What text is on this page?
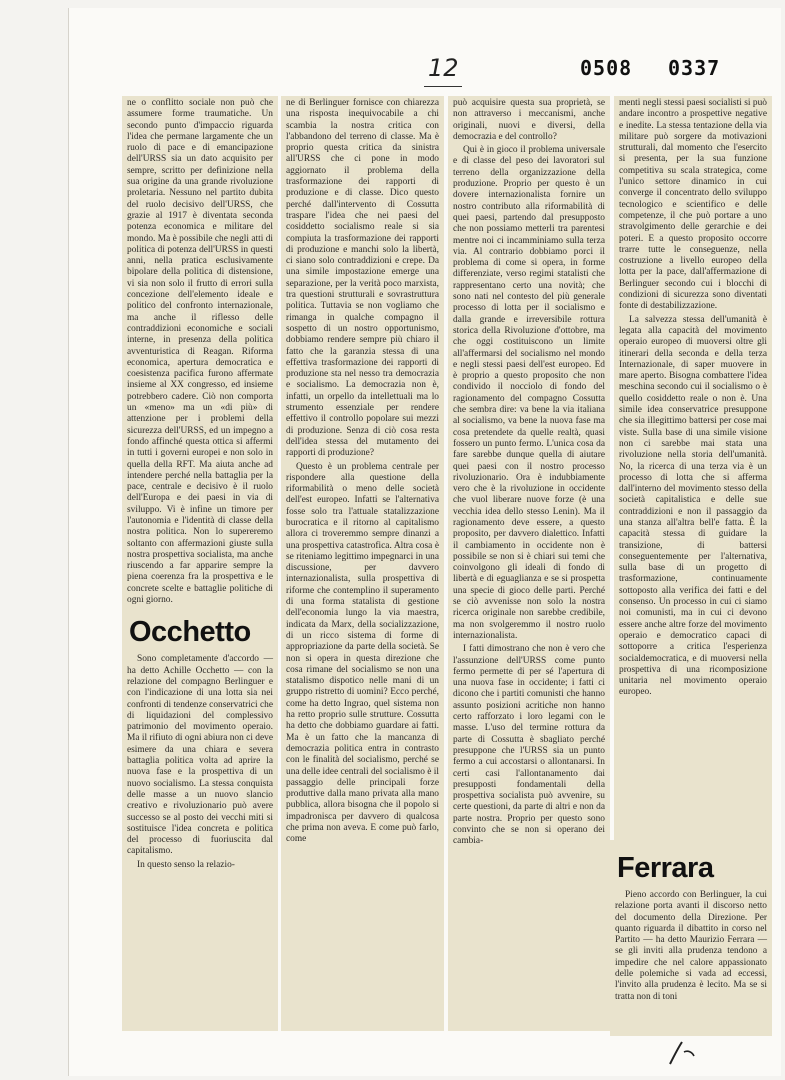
12	0508 0337

ne o conflitto sociale non può che assumere forme traumatiche. Un secondo punto d'impaccio riguarda l'idea che permane largamente che un ruolo di pace e di emancipazione dell'URSS sia un dato acquisito per sempre, scritto per definizione nella sua origine da una grande rivoluzione proletaria. Nessuno nel partito dubita del ruolo decisivo dell'URSS, che grazie al 1917 è diventata seconda potenza economica e militare del mondo. Ma è possibile che negli atti di politica di potenza dell'URSS in questi anni, nella pratica esclusivamente bipolare della politica di distensione, vi sia non solo il frutto di errori sulla concezione dell'elemento ideale e politico del confronto internazionale, ma anche il riflesso delle contraddizioni economiche e sociali interne, in presenza della politica avventuristica di Reagan. Riforma economica, apertura democratica e coesistenza pacifica furono affermate insieme al XX congresso, ed insieme potrebbero cadere. Ciò non comporta un «meno» ma un «di più» di attenzione per i problemi della sicurezza dell'URSS, ed un impegno a fondo affinché questa ottica si affermi in tutti i governi europei e non solo in quella della RFT. Ma aiuta anche ad intendere perché nella battaglia per la pace, centrale e decisivo è il ruolo dell'Europa e dei paesi in via di sviluppo. Vi è infine un timore per l'autonomia e l'identità di classe della nostra politica. Non lo supereremo soltanto con affermazioni giuste sulla nostra prospettiva socialista, ma anche riuscendo a far apparire sempre la piena coerenza fra la prospettiva e le concrete scelte e battaglie politiche di ogni giorno.

Occhetto

Sono completamente d'accordo — ha detto Achille Occhetto — con la relazione del compagno Berlinguer e con l'indicazione di una lotta sia nei confronti di tendenze conservatrici che di liquidazioni del complessivo patrimonio del movimento operaio. Ma il rifiuto di ogni abiura non ci deve esimere da una chiara e severa battaglia politica volta ad aprire la nuova fase e la prospettiva di un nuovo socialismo. La stessa conquista delle masse a un nuovo slancio creativo e rivoluzionario può avere successo se al posto dei vecchi miti si sostituisce l'idea concreta e politica del processo di fuoriuscita dal capitalismo.

In questo senso la relazio-

ne di Berlinguer fornisce con chiarezza una risposta inequivocabile a chi scambia la nostra critica con l'abbandono del terreno di classe. Ma è proprio questa critica da sinistra all'URSS che ci pone in modo aggiornato il problema della trasformazione dei rapporti di produzione e di classe. Dico questo perché dall'intervento di Cossutta traspare l'idea che nei paesi del cosiddetto socialismo reale si sia compiuta la trasformazione dei rapporti di produzione e manchi solo la libertà, ci siano solo contraddizioni e crepe. Da una simile impostazione emerge una separazione, per la verità poco marxista, tra questioni strutturali e sovrastruttura politica. Tuttavia se non vogliamo che rimanga in qualche compagno il sospetto di un nostro opportunismo, dobbiamo rendere sempre più chiaro il fatto che la garanzia stessa di una effettiva trasformazione dei rapporti di produzione sta nel nesso tra democrazia e socialismo. La democrazia non è, infatti, un orpello da intellettuali ma lo strumento essenziale per rendere effettivo il controllo popolare sui mezzi di produzione. Senza di ciò cosa resta dell'idea stessa del mutamento dei rapporti di produzione?

Questo è un problema centrale per rispondere alla questione della riformabilità o meno delle società dell'est europeo. Infatti se l'alternativa fosse solo tra l'attuale statalizzazione burocratica e il ritorno al capitalismo allora ci troveremmo sempre dinanzi a una prospettiva catastrofica. Altra cosa è se riteniamo legittimo impegnarci in una discussione, per davvero internazionalista, sulla prospettiva di riforme che contemplino il superamento di una forma statalista di gestione dell'economia lungo la via maestra, indicata da Marx, della socializzazione, di un ricco sistema di forme di appropriazione da parte della società. Se non si opera in questa direzione che cosa rimane del socialismo se non una statalismo dispotico nelle mani di un gruppo ristretto di uomini? Ecco perché, come ha detto Ingrao, quel sistema non ha retto proprio sulle strutture. Cossutta ha detto che dobbiamo guardare ai fatti. Ma è un fatto che la mancanza di democrazia politica entra in contrasto con le finalità del socialismo, perché se una delle idee centrali del socialismo è il passaggio delle principali forze produttive dalla mano privata alla mano pubblica, allora bisogna che il popolo si impadronisca per davvero di qualcosa che prima non aveva. E come può farlo, come

può acquisire questa sua proprietà, se non attraverso i meccanismi, anche originali, nuovi e diversi, della democrazia e del controllo?

Qui è in gioco il problema universale e di classe del peso dei lavoratori sul terreno della organizzazione della produzione. Proprio per questo è un dovere internazionalista fornire un nostro contributo alla riformabilità di quei paesi, partendo dal presupposto che non possiamo metterli tra parentesi mentre noi ci incamminiamo sulla terza via. Al contrario dobbiamo porci il problema di come si opera, in forme differenziate, verso regimi statalisti che rappresentano certo una novità; che sono nati nel contesto del più generale processo di lotta per il socialismo e dalla grande e irreversibile rottura storica della Rivoluzione d'ottobre, ma che oggi costituiscono un limite all'affermarsi del socialismo nel mondo e negli stessi paesi dell'est europeo. Ed è proprio a questo proposito che non condivido il nocciolo di fondo del ragionamento del compagno Cossutta che sembra dire: va bene la via italiana al socialismo, va bene la nuova fase ma cosa pretendete da quelle realtà, quasi fossero un punto fermo. L'unica cosa da fare sarebbe dunque quella di aiutare quei paesi con il nostro processo rivoluzionario. Ora è indubbiamente vero che è la rivoluzione in occidente che vuol liberare nuove forze (è una vecchia idea dello stesso Lenin). Ma il ragionamento deve essere, a questo proposito, per davvero dialettico. Infatti il cambiamento in occidente non è possibile se non si è chiari sui temi che coinvolgono gli ideali di fondo di libertà e di eguaglianza e se si prospetta una specie di gioco delle parti. Perché se ciò avvenisse non solo la nostra ricerca originale non sarebbe credibile, ma non svolgeremmo il nostro ruolo internazionalista.

I fatti dimostrano che non è vero che l'assunzione dell'URSS come punto fermo permette di per sé l'apertura di una nuova fase in occidente; i fatti ci dicono che i partiti comunisti che hanno assunto posizioni acritiche non hanno certo rafforzato i loro legami con le masse. L'uso del termine rottura da parte di Cossutta è sbagliato perché presuppone che l'URSS sia un punto fermo a cui accostarsi o allontanarsi. In certi casi l'allontanamento dai presupposti fondamentali della prospettiva socialista può avvenire, su certe questioni, da parte di altri e non da parte nostra. Proprio per questo sono convinto che se non si operano dei cambia-

menti negli stessi paesi socialisti si può andare incontro a prospettive negative e inedite. La stessa tentazione della via militare può sorgere da motivazioni strutturali, dal momento che l'esercito si presenta, per la sua funzione competitiva su scala strategica, come l'unico settore dinamico in cui converge il concentrato dello sviluppo tecnologico e scientifico e delle competenze, il che può portare a uno stravolgimento delle gerarchie e dei poteri. E a questo proposito occorre trarre tutte le conseguenze, nella costruzione a livello europeo della lotta per la pace, dall'affermazione di Berlinguer secondo cui i blocchi di condizioni di sicurezza sono diventati fonte di destabilizzazione.

La salvezza stessa dell'umanità è legata alla capacità del movimento operaio europeo di muoversi oltre gli itinerari della seconda e della terza Internazionale, di saper muovere in mare aperto. Bisogna combattere l'idea meschina secondo cui il socialismo o è quello cosiddetto reale o non è. Una simile idea conservatrice presuppone che sia illegittimo battersi per cose mai viste. Sulla base di una simile visione non ci sarebbe mai stata una rivoluzione nella storia dell'umanità. No, la ricerca di una terza via è un processo di lotta che si afferma dall'interno del movimento stesso della società capitalistica e delle sue contraddizioni e non il passaggio da una stanza all'altra bell'e fatta. È la capacità stessa di guidare la transizione, di battersi conseguentemente per l'alternativa, sulla base di un progetto di trasformazione, continuamente sottoposto alla verifica dei fatti e del consenso. Un processo in cui ci siamo noi comunisti, ma in cui ci devono essere anche altre forze del movimento operaio e democratico capaci di sottoporre a critica l'esperienza socialdemocratica, e di muoversi nella prospettiva di una ricomposizione unitaria nel movimento operaio europeo.

Ferrara

Pieno accordo con Berlinguer, la cui relazione porta avanti il discorso netto del documento della Direzione. Per quanto riguarda il dibattito in corso nel Partito — ha detto Maurizio Ferrara — se gli inviti alla prudenza tendono a impedire che nel calore appassionato delle polemiche si vada ad eccessi, l'invito alla prudenza è lecito. Ma se si tratta non di toni
